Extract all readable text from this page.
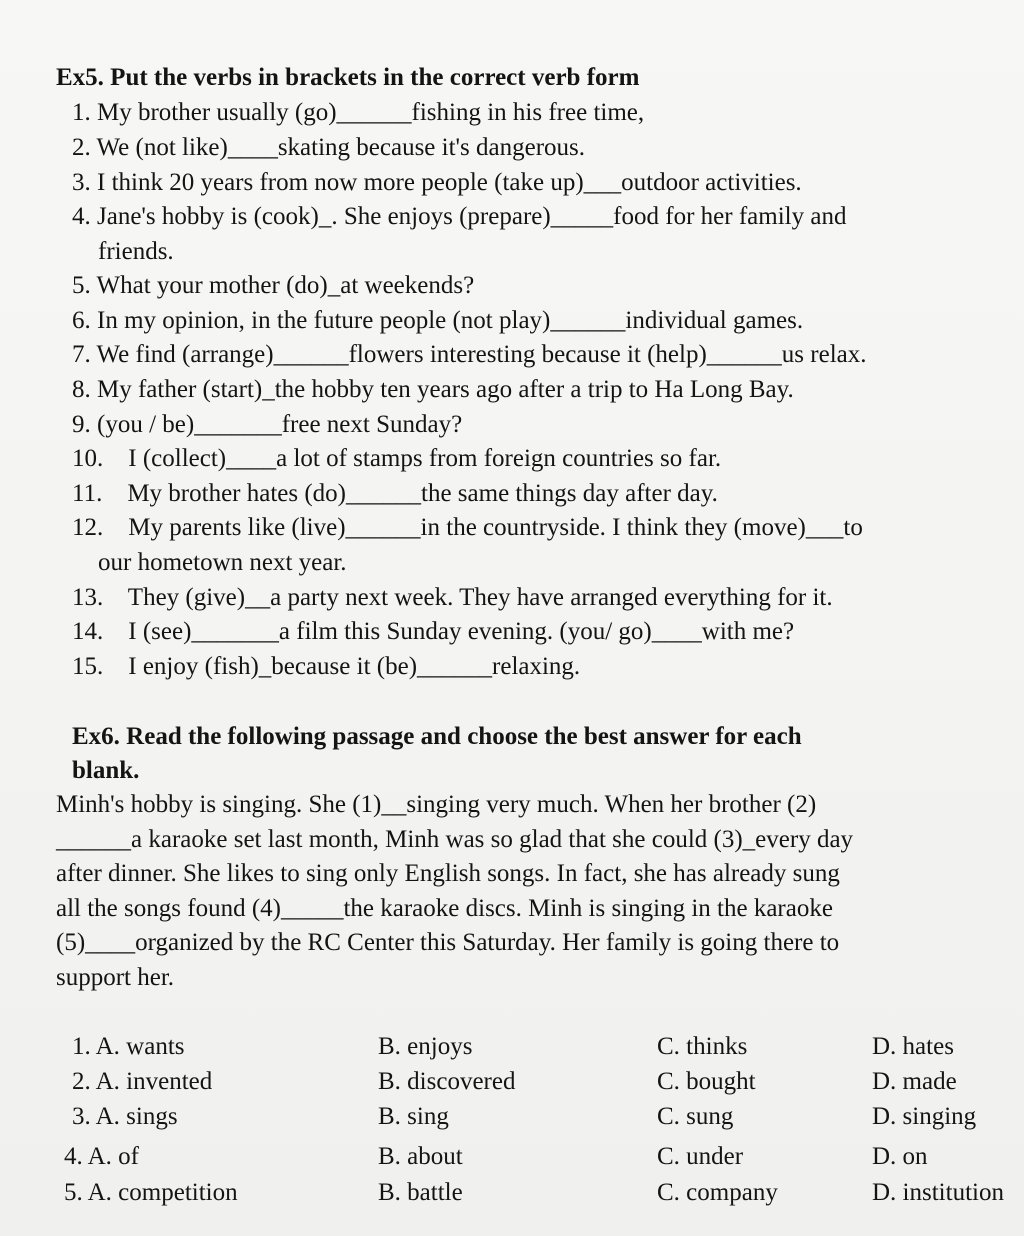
Ex5. Put the verbs in brackets in the correct verb form
1. My brother usually (go)______fishing in his free time,
2. We (not like)____skating because it's dangerous.
3. I think 20 years from now more people (take up)___outdoor activities.
4. Jane's hobby is (cook)_. She enjoys (prepare)_____food for her family and
friends.
5. What your mother (do)_at weekends?
6. In my opinion, in the future people (not play)______individual games.
7. We find (arrange)______flowers interesting because it (help)______us relax.
8. My father (start)_the hobby ten years ago after a trip to Ha Long Bay.
9. (you / be)_______free next Sunday?
10.    I (collect)____a lot of stamps from foreign countries so far.
11.    My brother hates (do)______the same things day after day.
12.    My parents like (live)______in the countryside. I think they (move)___to
our hometown next year.
13.    They (give)__a party next week. They have arranged everything for it.
14.    I (see)_______a film this Sunday evening. (you/ go)____with me?
15.    I enjoy (fish)_because it (be)______relaxing.
Ex6. Read the following passage and choose the best answer for each
blank.
Minh's hobby is singing. She (1)__singing very much. When her brother (2)
______a karaoke set last month, Minh was so glad that she could (3)_every day
after dinner. She likes to sing only English songs. In fact, she has already sung
all the songs found (4)_____the karaoke discs. Minh is singing in the karaoke
(5)____organized by the RC Center this Saturday. Her family is going there to
support her.
1. A. wants	B. enjoys	C. thinks	D. hates
2. A. invented	B. discovered	C. bought	D. made
3. A. sings	B. sing	C. sung	D. singing
4. A. of	B. about	C. under	D. on
5. A. competition	B. battle	C. company	D. institution
